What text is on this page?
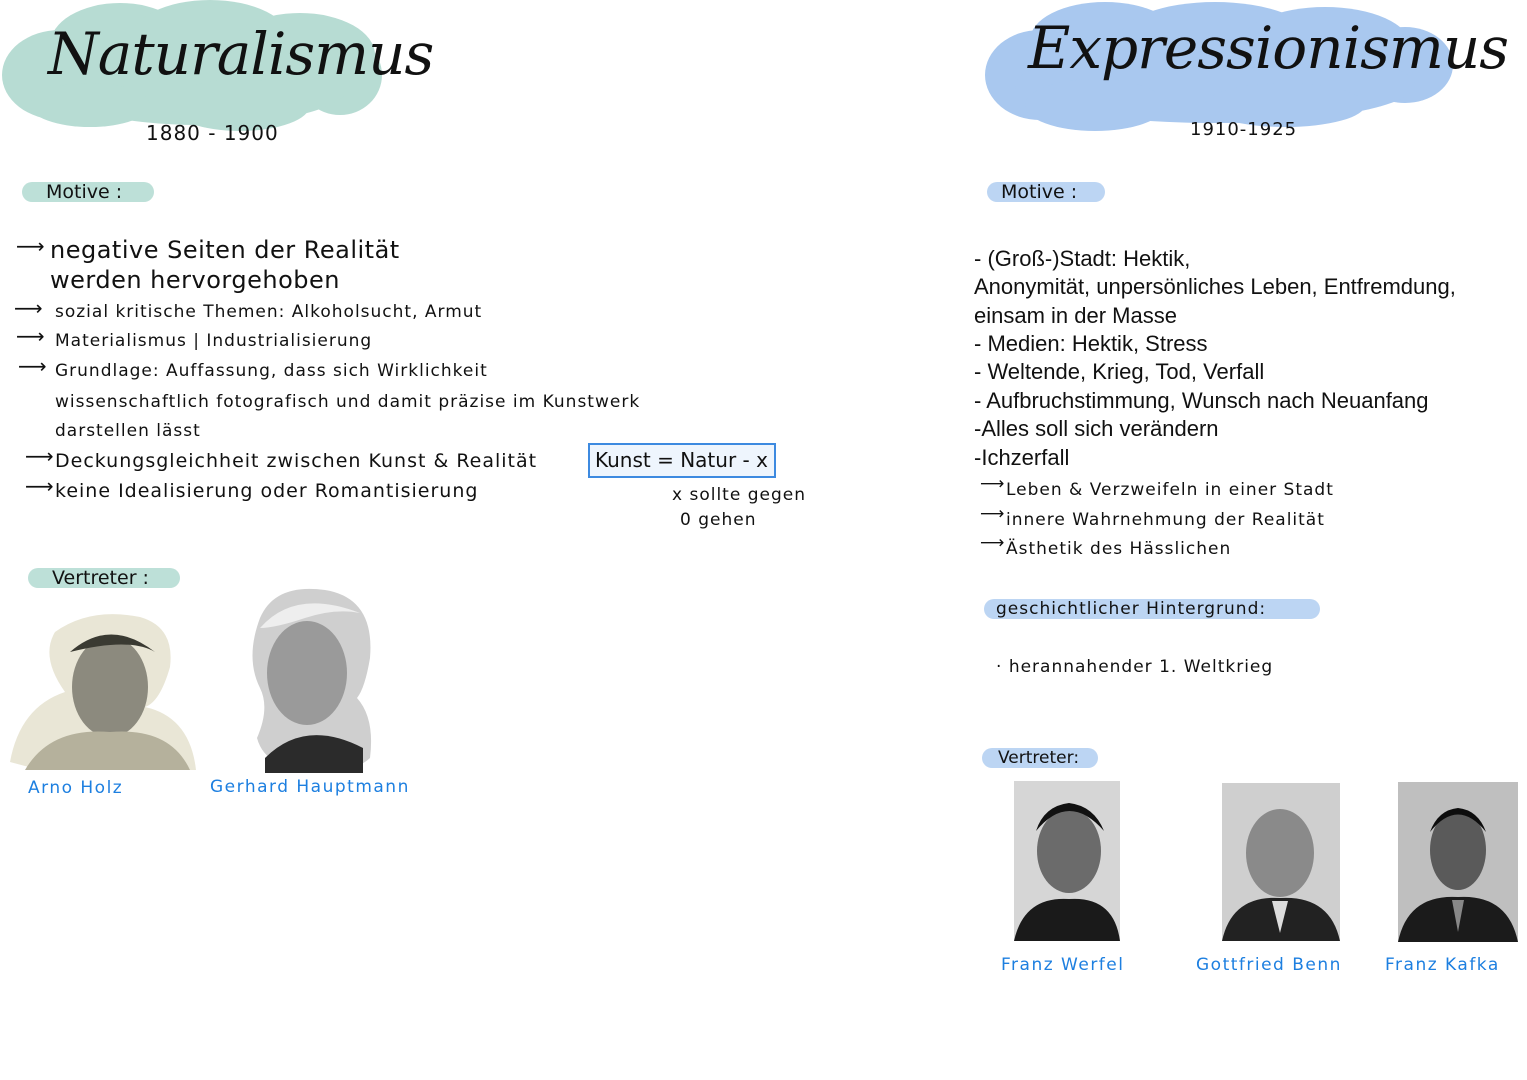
Naturalismus
1880 - 1900
Motive :
⟶ negative Seiten der Realität
werden hervorgehoben
⟶ sozial kritische Themen: Alkoholsucht, Armut
⟶ Materialismus | Industrialisierung
⟶ Grundlage: Auffassung, dass sich Wirklichkeit
wissenschaftlich fotografisch und damit präzise im Kunstwerk
darstellen lässt
⟶ Deckungsgleichheit zwischen Kunst & Realität
⟶ keine Idealisierung oder Romantisierung
Kunst = Natur - x
x sollte gegen
0 gehen
Vertreter :
Arno Holz	Gerhard Hauptmann
Expressionismus
1910-1925
Motive :
- (Groß-)Stadt: Hektik,
Anonymität, unpersönliches Leben, Entfremdung,
einsam in der Masse
- Medien: Hektik, Stress
- Weltende, Krieg, Tod, Verfall
- Aufbruchstimmung, Wunsch nach Neuanfang
-Alles soll sich verändern
-Ichzerfall
⟶ Leben & Verzweifeln in einer Stadt
⟶ innere Wahrnehmung der Realität
⟶ Ästhetik des Hässlichen
geschichtlicher Hintergrund:
· herannahender 1. Weltkrieg
Vertreter:
Franz Werfel	Gottfried Benn	Franz Kafka
